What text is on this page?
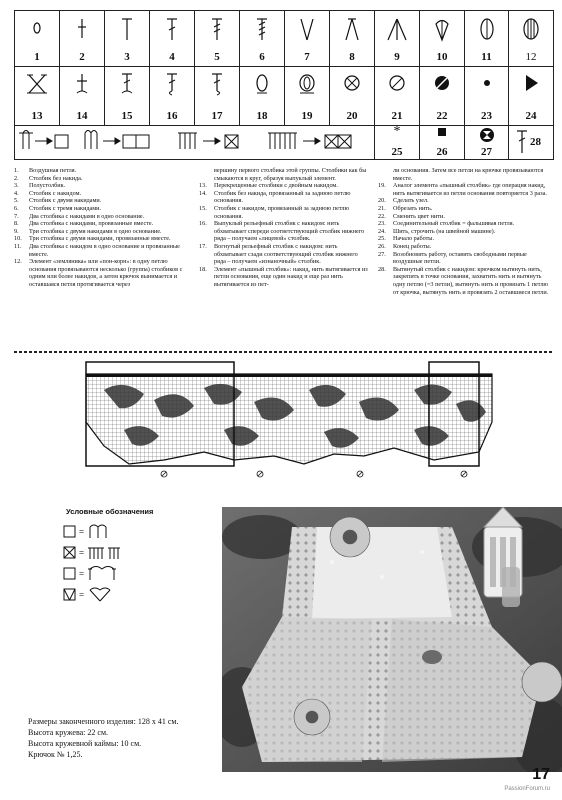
1	2	3	4	5	6	7	8	9	10	11	12
13	14	15	16	17	18	19	20	21	22	23	24
*
25	26	27
28
1.	Воздушная петля.
2.	Столбик без накида.
3.	Полустолбик.
4.	Столбик с накидом.
5.	Столбик с двумя накидами.
6.	Столбик с тремя накидами.
7.	Два столбика с накидами в одно основание.
8.	Два столбика с накидами, провязанные вместе.
9.	Три столбика с двумя накидами в одно основание.
10.	Три столбика с двумя накидами, провязанные вместе.
11.	Два столбика с накидом в одно основание и провязанные вместе.
12.	Элемент «земляника» или «пон-корн»: в одну петлю основания провязываются несколько (группа) столбиков с одним или более накидов, а затем крючок вынимается и оставшаяся петля протягивается через
вершину первого столбика этой группы. Столбики как бы смыкаются в круг, образуя выпуклый элемент.
13.	Перекрещенные столбики с двойным накидом.
14.	Столбик без накида, провязанный за заднюю петлю основания.
15.	Столбик с накидом, провязанный за заднюю петлю основания.
16.	Выпуклый рельефный столбик с накидом: нить обхватывает спереди соответствующий столбик нижнего ряда – получаем «лицевой» столбик.
17.	Вогнутый рельефный столбик с накидом: нить обхватывает сзади соответствующий столбик нижнего ряда – получаем «изнаночный» столбик.
18.	Элемент «пышный столбик»: накид, нить вытягивается из петли основания, еще один накид и еще раз нить вытягивается из пет-
ли основания. Затем все петли на крючке провязываются вместе.
19.	Аналог элемента «пышный столбик» где операция накид, нить вытягивается из петли основания повторяется 3 раза.
20.	Сделать узел.
21.	Обрезать нить.
22.	Сменить цвет нити.
23.	Соединительный столбик = фальшивая петля.
24.	Шить, строчить (на швейной машине).
25.	Начало работы.
26.	Конец работы.
27.	Возобновить работу, оставить свободными первые воздушные петли.
28.	Вытянутый столбик с накидом: крючком вытянуть нить, закрепить в точке основания, захватить нить и вытянуть одну петлю (=3 петли), вытянуть нить и провязать 1 петлю от крючка, вытянуть нить и провязать 2 оставшиеся петли.
Условные обозначения
=
=
=
=
Размеры законченного изделия: 128 х 41 см.
Высота кружева: 22 см.
Высота кружевной каймы: 10 см.
Крючок № 1,25.
17
PassionForum.ru
